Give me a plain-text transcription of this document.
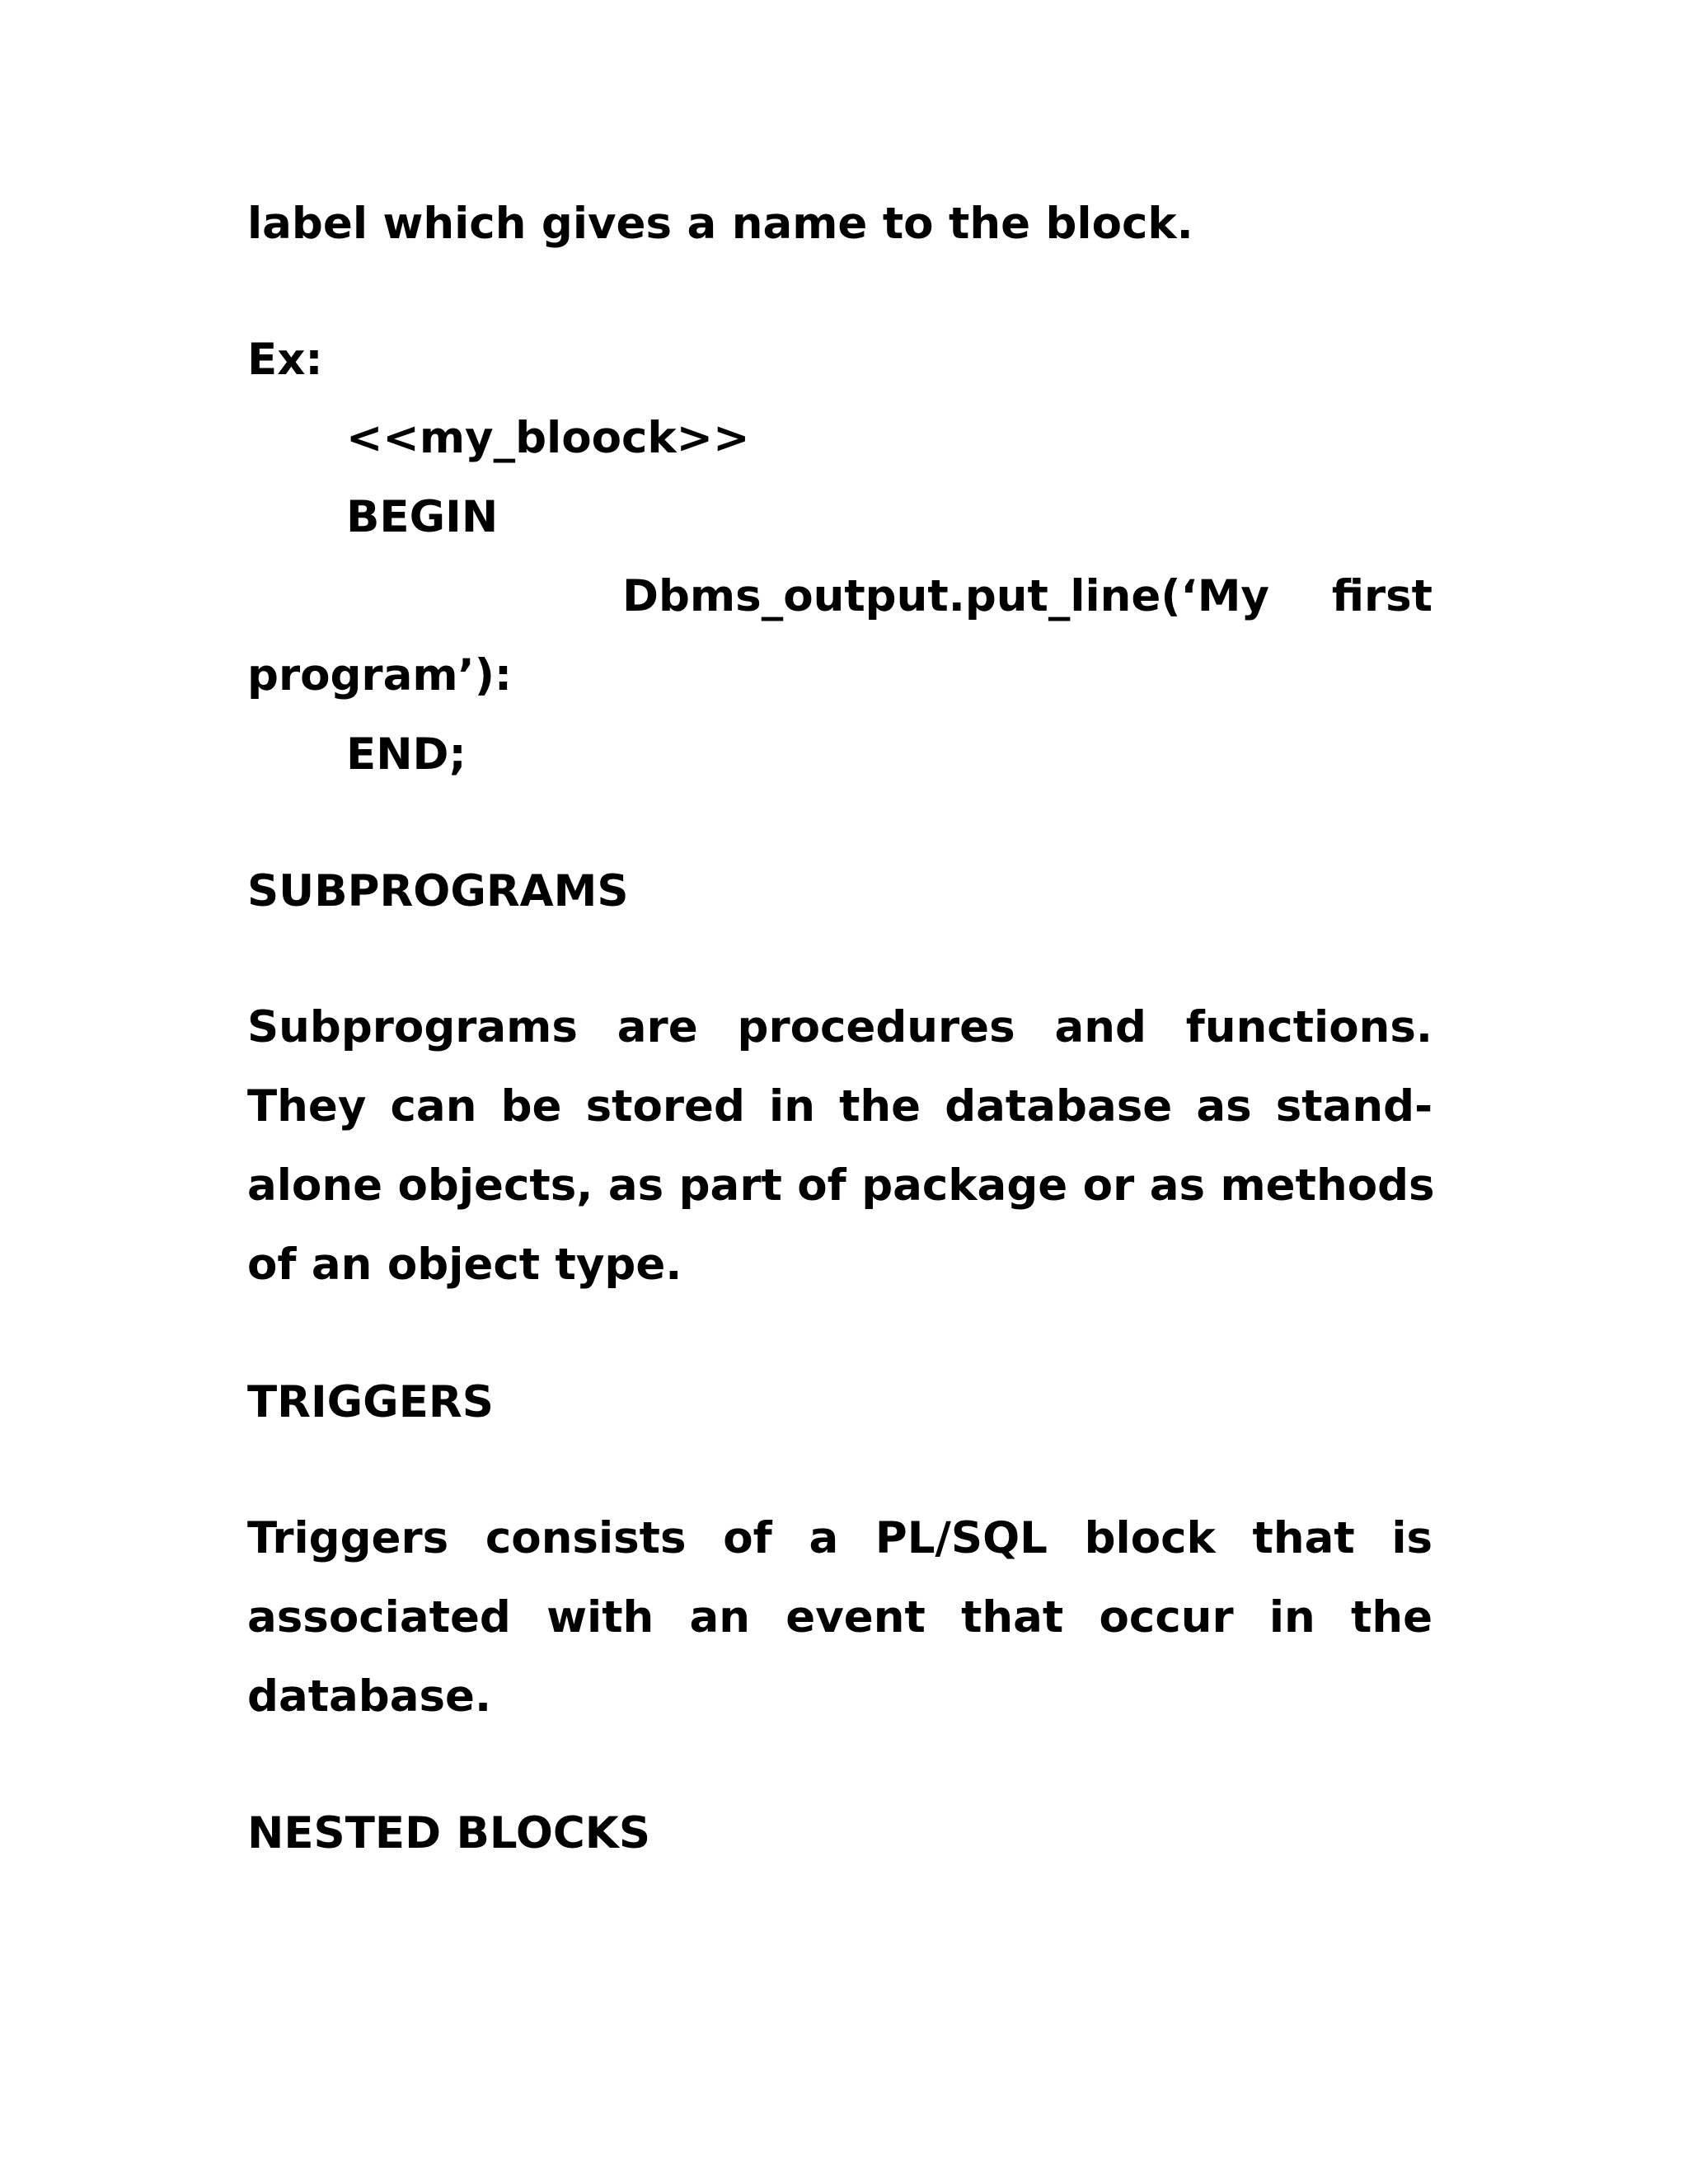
label which gives a name to the block.
Ex:
<<my_bloock>>
BEGIN
Dbms_output.put_line(‘My first
program’):
END;
SUBPROGRAMS
Subprograms are procedures and functions.
They can be stored in the database as stand-
alone objects, as part of package or as methods
of an object type.
TRIGGERS
Triggers consists of a PL/SQL block that is
associated with an event that occur in the
database.
NESTED BLOCKS
